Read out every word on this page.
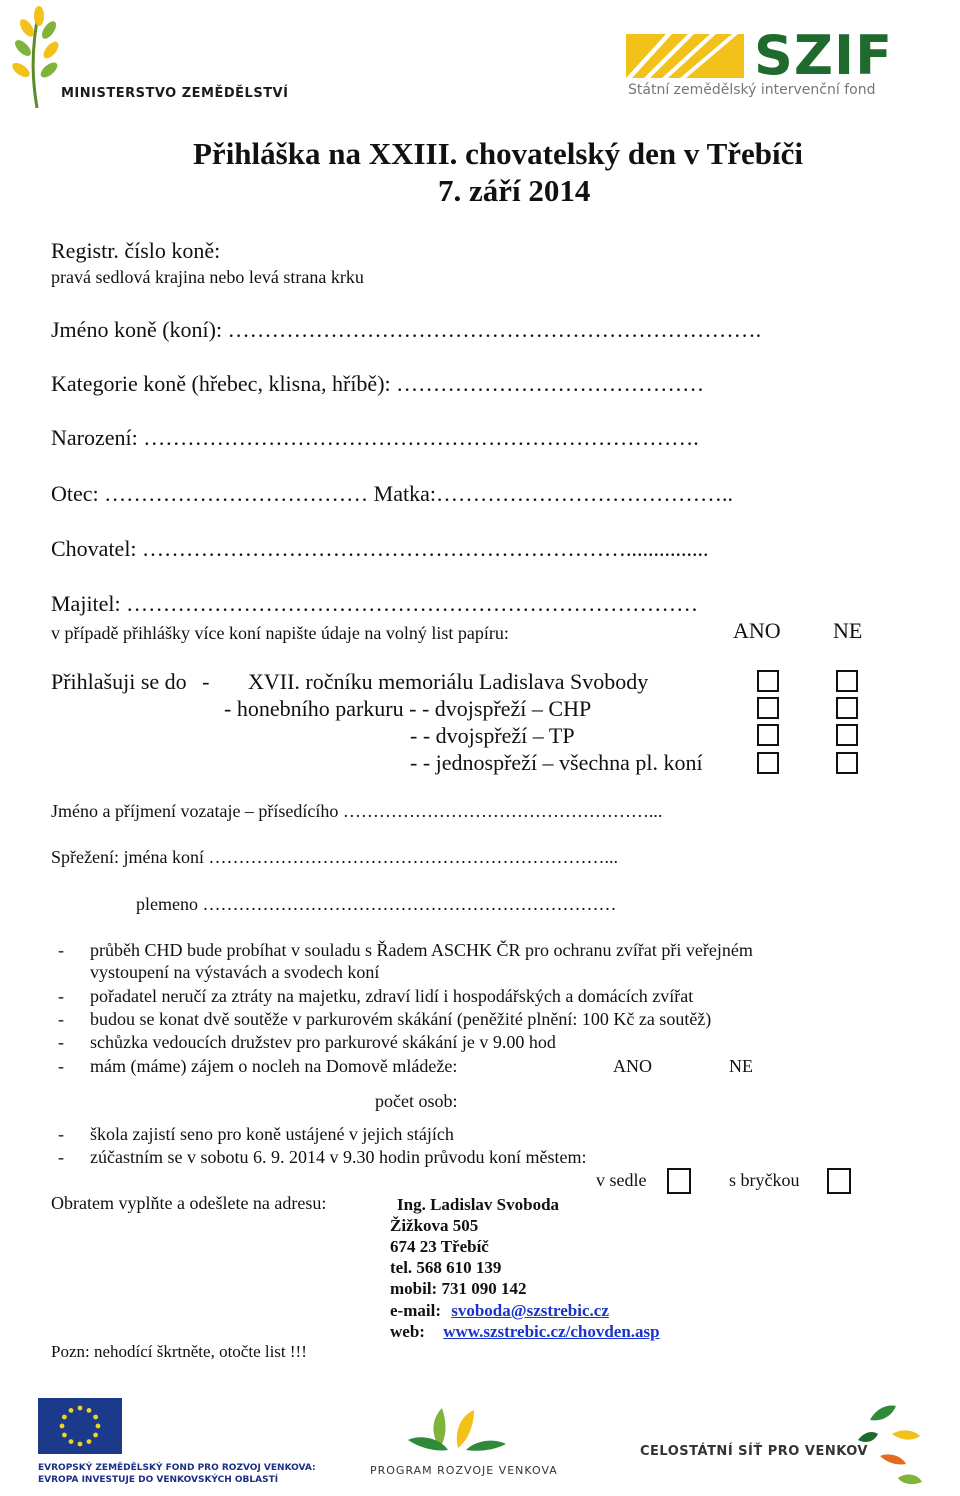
MINISTERSTVO ZEMĚDĚLSTVÍ
SZIF
Státní zemědělský intervenční fond
Přihláška na XXIII. chovatelský den v Třebíči
7. září 2014
Registr. číslo koně:
pravá sedlová krajina nebo levá strana krku
Jméno koně (koní): ……………………………………………………………….
Kategorie koně (hřebec, klisna, hříbě): ……………………………………
Narození: ………………………………………………………………….
Otec: ……………………………… Matka:…………………………………..
Chovatel: …………………………………………………………...............
Majitel: ……………………………………………………………………
v případě přihlášky více koní napište údaje na volný list papíru:	ANO NE
Přihlašuji se do - XVII. ročníku memoriálu Ladislava Svobody
- honebního parkuru - - dvojspřeží – CHP
- - dvojspřeží – TP
- - jednospřeží – všechna pl. koní
Jméno a příjmení vozataje – přísedícího ……………………………………………...
Spřežení: jména koní …………………………………………………………...
plemeno ……………………………………………………………
- průběh CHD bude probíhat v souladu s Řadem ASCHK ČR pro ochranu zvířat při veřejném
vystoupení na výstavách a svodech koní
- pořadatel neručí za ztráty na majetku, zdraví lidí i hospodářských a domácích zvířat
- budou se konat dvě soutěže v parkurovém skákání (peněžité plnění: 100 Kč za soutěž)
- schůzka vedoucích družstev pro parkurové skákání je v 9.00 hod
- mám (máme) zájem o nocleh na Domově mládeže:	ANO	NE
počet osob:
- škola zajistí seno pro koně ustájené v jejich stájích
- zúčastním se v sobotu 6. 9. 2014 v 9.30 hodin průvodu koní městem:
v sedle	s bryčkou
Obratem vyplňte a odešlete na adresu:	Ing. Ladislav Svoboda
Žižkova 505
674 23 Třebíč
tel. 568 610 139
mobil: 731 090 142
e-mail: svoboda@szstrebic.cz
web: www.szstrebic.cz/chovden.asp
Pozn: nehodící škrtněte, otočte list !!!
EVROPSKÝ ZEMĚDĚLSKÝ FOND PRO ROZVOJ VENKOVA:
EVROPA INVESTUJE DO VENKOVSKÝCH OBLASTÍ
PROGRAM ROZVOJE VENKOVA
CELOSTÁTNÍ SÍŤ PRO VENKOV
